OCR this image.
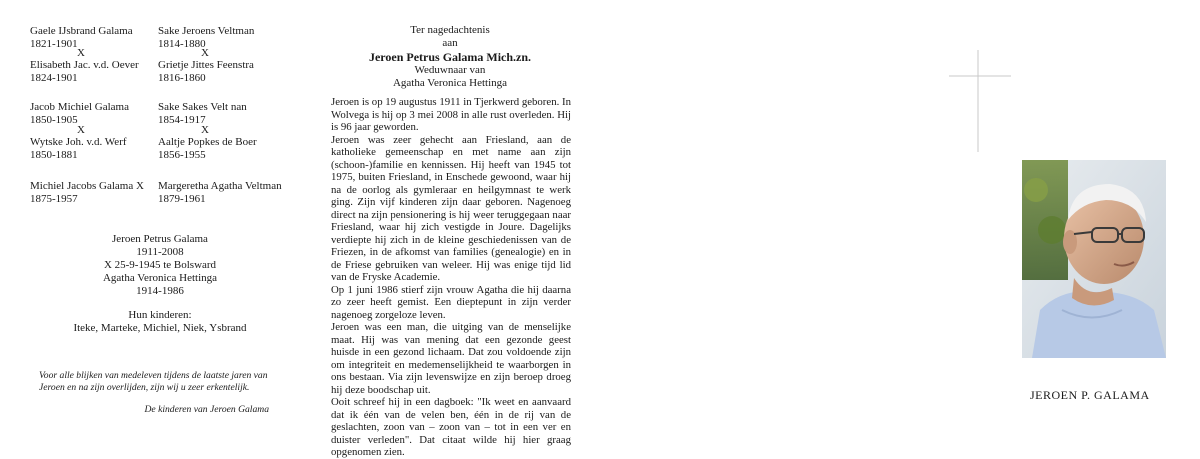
Gaele IJsbrand Galama
1821-1901
X
Elisabeth Jac. v.d. Oever
1824-1901
Sake Jeroens Veltman
1814-1880
X
Grietje Jittes Feenstra
1816-1860
Jacob Michiel Galama
1850-1905
X
Wytske Joh. v.d. Werf
1850-1881
Sake Sakes Velt nan
1854-1917
X
Aaltje Popkes de Boer
1856-1955
Michiel Jacobs Galama
1875-1957
X Margeretha Agatha Veltman
1879-1961
Jeroen Petrus Galama
1911-2008
X 25-9-1945 te Bolsward
Agatha Veronica Hettinga
1914-1986
Hun kinderen:
Iteke, Marteke, Michiel, Niek, Ysbrand
Voor alle blijken van medeleven tijdens de laatste jaren van
Jeroen en na zijn overlijden, zijn wij u zeer erkentelijk.
De kinderen van Jeroen Galama
Ter nagedachtenis
aan
Jeroen Petrus Galama Mich.zn.
Weduwnaar van
Agatha Veronica Hettinga

Jeroen is op 19 augustus 1911 in Tjerkwerd geboren. In Wolvega is hij op 3 mei 2008 in alle rust overleden. Hij is 96 jaar geworden.

Jeroen was zeer gehecht aan Friesland, aan de katholieke gemeenschap en met name aan zijn (schoon-)familie en kennissen. Hij heeft van 1945 tot 1975, buiten Friesland, in Enschede gewoond, waar hij na de oorlog als gymleraar en heilgymnast te werk ging. Zijn vijf kinderen zijn daar geboren. Nagenoeg direct na zijn pensionering is hij weer teruggegaan naar Friesland, waar hij zich vestigde in Joure. Dagelijks verdiepte hij zich in de kleine geschiedenissen van de Friezen, in de afkomst van families (genealogie) en in de Friese gebruiken van weleer. Hij was enige tijd lid van de Fryske Academie.

Op 1 juni 1986 stierf zijn vrouw Agatha die hij daarna zo zeer heeft gemist. Een dieptepunt in zijn verder nagenoeg zorgeloze leven.

Jeroen was een man, die uitging van de menselijke maat. Hij was van mening dat een gezonde geest huisde in een gezond lichaam. Dat zou voldoende zijn om integriteit en medemenselijkheid te waarborgen in ons bestaan. Via zijn levenswijze en zijn beroep droeg hij deze boodschap uit.

Ooit schreef hij in een dagboek: "Ik weet en aanvaard dat ik één van de velen ben, één in de rij van de geslachten, zoon van – zoon van – tot in een ver en duister verleden". Dat citaat wilde hij hier graag opgenomen zien.

JEROEN P. GALAMA
